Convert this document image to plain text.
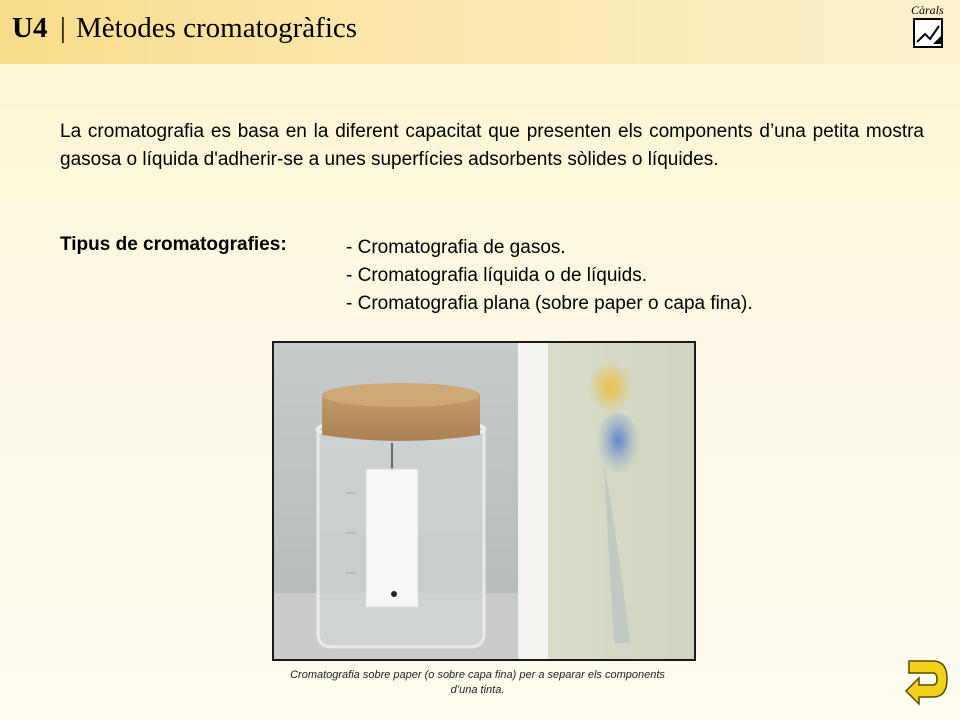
U4 | Mètodes cromatogràfics
Càrals
La cromatografia es basa en la diferent capacitat que presenten els components d’una petita mostra gasosa o líquida d'adherir-se a unes superfícies adsorbents sòlides o líquides.
Tipus de cromatografies:	- Cromatografia de gasos.
- Cromatografia líquida o de líquids.
- Cromatografia plana (sobre paper o capa fina).
Cromatografia sobre paper (o sobre capa fina) per a separar els components d’una tinta.
